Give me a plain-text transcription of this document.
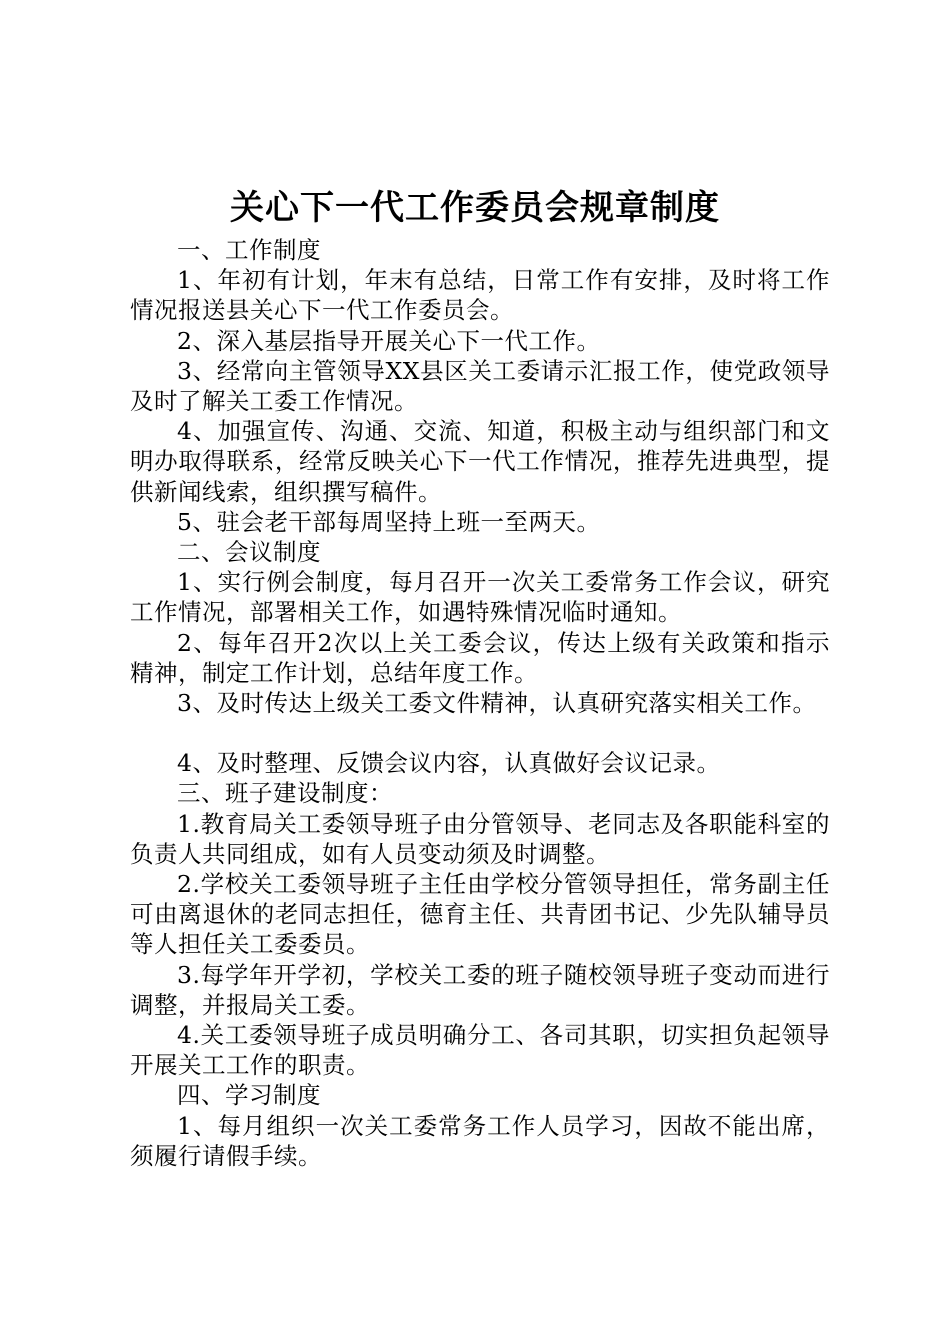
关心下一代工作委员会规章制度

一、工作制度

1、年初有计划，年末有总结，日常工作有安排，及时将工作情况报送县关心下一代工作委员会。

2、深入基层指导开展关心下一代工作。

3、经常向主管领导XX县区关工委请示汇报工作，使党政领导及时了解关工委工作情况。

4、加强宣传、沟通、交流、知道，积极主动与组织部门和文明办取得联系，经常反映关心下一代工作情况，推荐先进典型，提供新闻线索，组织撰写稿件。

5、驻会老干部每周坚持上班一至两天。

二、会议制度

1、实行例会制度，每月召开一次关工委常务工作会议，研究工作情况，部署相关工作，如遇特殊情况临时通知。

2、每年召开2次以上关工委会议，传达上级有关政策和指示精神，制定工作计划，总结年度工作。

3、及时传达上级关工委文件精神，认真研究落实相关工作。

4、及时整理、反馈会议内容，认真做好会议记录。

三、班子建设制度：

1.教育局关工委领导班子由分管领导、老同志及各职能科室的负责人共同组成，如有人员变动须及时调整。

2.学校关工委领导班子主任由学校分管领导担任，常务副主任可由离退休的老同志担任，德育主任、共青团书记、少先队辅导员等人担任关工委委员。

3.每学年开学初，学校关工委的班子随校领导班子变动而进行调整，并报局关工委。

4.关工委领导班子成员明确分工、各司其职，切实担负起领导开展关工工作的职责。

四、学习制度

1、每月组织一次关工委常务工作人员学习，因故不能出席，须履行请假手续。
